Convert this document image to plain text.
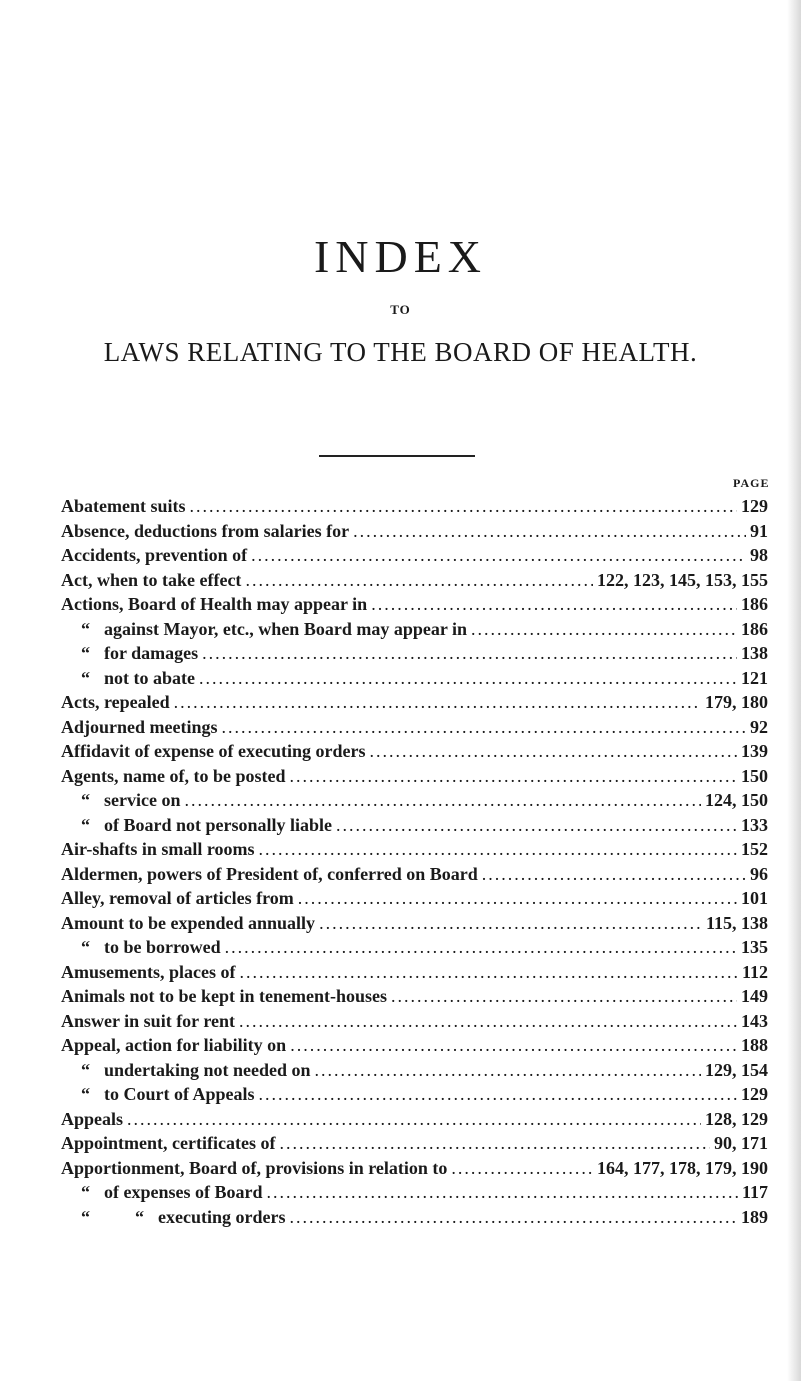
INDEX
TO
LAWS RELATING TO THE BOARD OF HEALTH.
PAGE
Abatement suits .....	129
Absence, deductions from salaries for .....	91
Accidents, prevention of .....	98
Act, when to take effect .....	122, 123, 145, 153, 155
Actions, Board of Health may appear in .....	186
“ against Mayor, etc., when Board may appear in .....	186
“ for damages .....	138
“ not to abate .....	121
Acts, repealed .....	179, 180
Adjourned meetings .....	92
Affidavit of expense of executing orders .....	139
Agents, name of, to be posted .....	150
“ service on .....	124, 150
“ of Board not personally liable .....	133
Air-shafts in small rooms .....	152
Aldermen, powers of President of, conferred on Board .....	96
Alley, removal of articles from .....	101
Amount to be expended annually .....	115, 138
“ to be borrowed .....	135
Amusements, places of .....	112
Animals not to be kept in tenement-houses .....	149
Answer in suit for rent .....	143
Appeal, action for liability on .....	188
“ undertaking not needed on .....	129, 154
“ to Court of Appeals .....	129
Appeals .....	128, 129
Appointment, certificates of .....	90, 171
Apportionment, Board of, provisions in relation to .....	164, 177, 178, 179, 190
“ of expenses of Board .....	117
“          “ executing orders .....	189
